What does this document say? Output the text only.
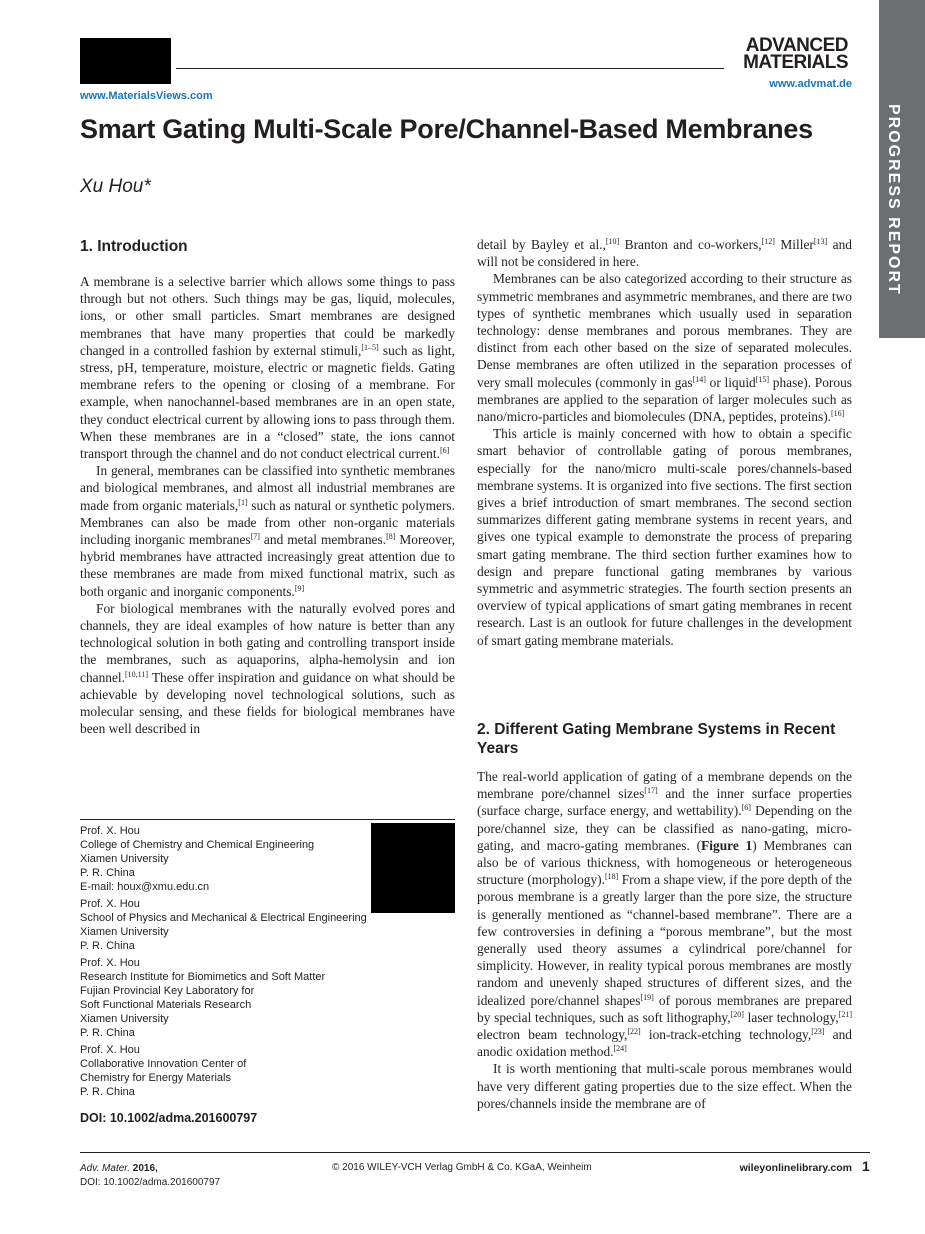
ADVANCED
MATERIALS
www.advmat.de
www.MaterialsViews.com
PROGRESS REPORT
Smart Gating Multi-Scale Pore/Channel-Based Membranes
Xu Hou*
1. Introduction

A membrane is a selective barrier which allows some things to pass through but not others. Such things may be gas, liquid, molecules, ions, or other small particles. Smart membranes are designed membranes that have many properties that could be markedly changed in a controlled fashion by external stimuli,[1–5] such as light, stress, pH, temperature, moisture, electric or magnetic fields. Gating membrane refers to the opening or closing of a membrane. For example, when nanochannel-based membranes are in an open state, they conduct electrical current by allowing ions to pass through them. When these membranes are in a “closed” state, the ions cannot transport through the channel and do not conduct electrical current.[6]

In general, membranes can be classified into synthetic membranes and biological membranes, and almost all industrial membranes are made from organic materials,[1] such as natural or synthetic polymers. Membranes can also be made from other non-organic materials including inorganic membranes[7] and metal membranes.[8] Moreover, hybrid membranes have attracted increasingly great attention due to these membranes are made from mixed functional matrix, such as both organic and inorganic components.[9]

For biological membranes with the naturally evolved pores and channels, they are ideal examples of how nature is better than any technological solution in both gating and controlling transport inside the membranes, such as aquaporins, alpha-hemolysin and ion channel.[10,11] These offer inspiration and guidance on what should be achievable by developing novel technological solutions, such as molecular sensing, and these fields for biological membranes have been well described in

detail by Bayley et al.,[10] Branton and co-workers,[12] Miller[13] and will not be considered in here.

Membranes can be also categorized according to their structure as symmetric membranes and asymmetric membranes, and there are two types of synthetic membranes which usually used in separation technology: dense membranes and porous membranes. They are distinct from each other based on the size of separated molecules. Dense membranes are often utilized in the separation processes of very small molecules (commonly in gas[14] or liquid[15] phase). Porous membranes are applied to the separation of larger molecules such as nano/micro-particles and biomolecules (DNA, peptides, proteins).[16]

This article is mainly concerned with how to obtain a specific smart behavior of controllable gating of porous membranes, especially for the nano/micro multi-scale pores/channels-based membrane systems. It is organized into five sections. The first section gives a brief introduction of smart membranes. The second section summarizes different gating membrane systems in recent years, and gives one typical example to demonstrate the process of preparing smart gating membrane. The third section further examines how to design and prepare functional gating membranes by various symmetric and asymmetric strategies. The fourth section presents an overview of typical applications of smart gating membranes in recent research. Last is an outlook for future challenges in the development of smart gating membrane materials.

2. Different Gating Membrane Systems in Recent Years

The real-world application of gating of a membrane depends on the membrane pore/channel sizes[17] and the inner surface properties (surface charge, surface energy, and wettability).[6] Depending on the pore/channel size, they can be classified as nano-gating, micro-gating, and macro-gating membranes. (Figure 1) Membranes can also be of various thickness, with homogeneous or heterogeneous structure (morphology).[18] From a shape view, if the pore depth of the porous membrane is a greatly larger than the pore size, the structure is generally mentioned as “channel-based membrane”. There are a few controversies in defining a “porous membrane”, but the most generally used theory assumes a cylindrical pore/channel for simplicity. However, in reality typical porous membranes are mostly random and unevenly shaped structures of different sizes, and the idealized pore/channel shapes[19] of porous membranes are prepared by special techniques, such as soft lithography,[20] laser technology,[21] electron beam technology,[22] ion-track-etching technology,[23] and anodic oxidation method.[24]

It is worth mentioning that multi-scale porous membranes would have very different gating properties due to the size effect. When the pores/channels inside the membrane are of

Prof. X. Hou
College of Chemistry and Chemical Engineering
Xiamen University
P. R. China
E-mail: houx@xmu.edu.cn
Prof. X. Hou
School of Physics and Mechanical & Electrical Engineering
Xiamen University
P. R. China
Prof. X. Hou
Research Institute for Biomimetics and Soft Matter
Fujian Provincial Key Laboratory for
Soft Functional Materials Research
Xiamen University
P. R. China
Prof. X. Hou
Collaborative Innovation Center of
Chemistry for Energy Materials
P. R. China
DOI: 10.1002/adma.201600797
Adv. Mater. 2016,
DOI: 10.1002/adma.201600797
© 2016 WILEY-VCH Verlag GmbH & Co. KGaA, Weinheim	wileyonlinelibrary.com 1
